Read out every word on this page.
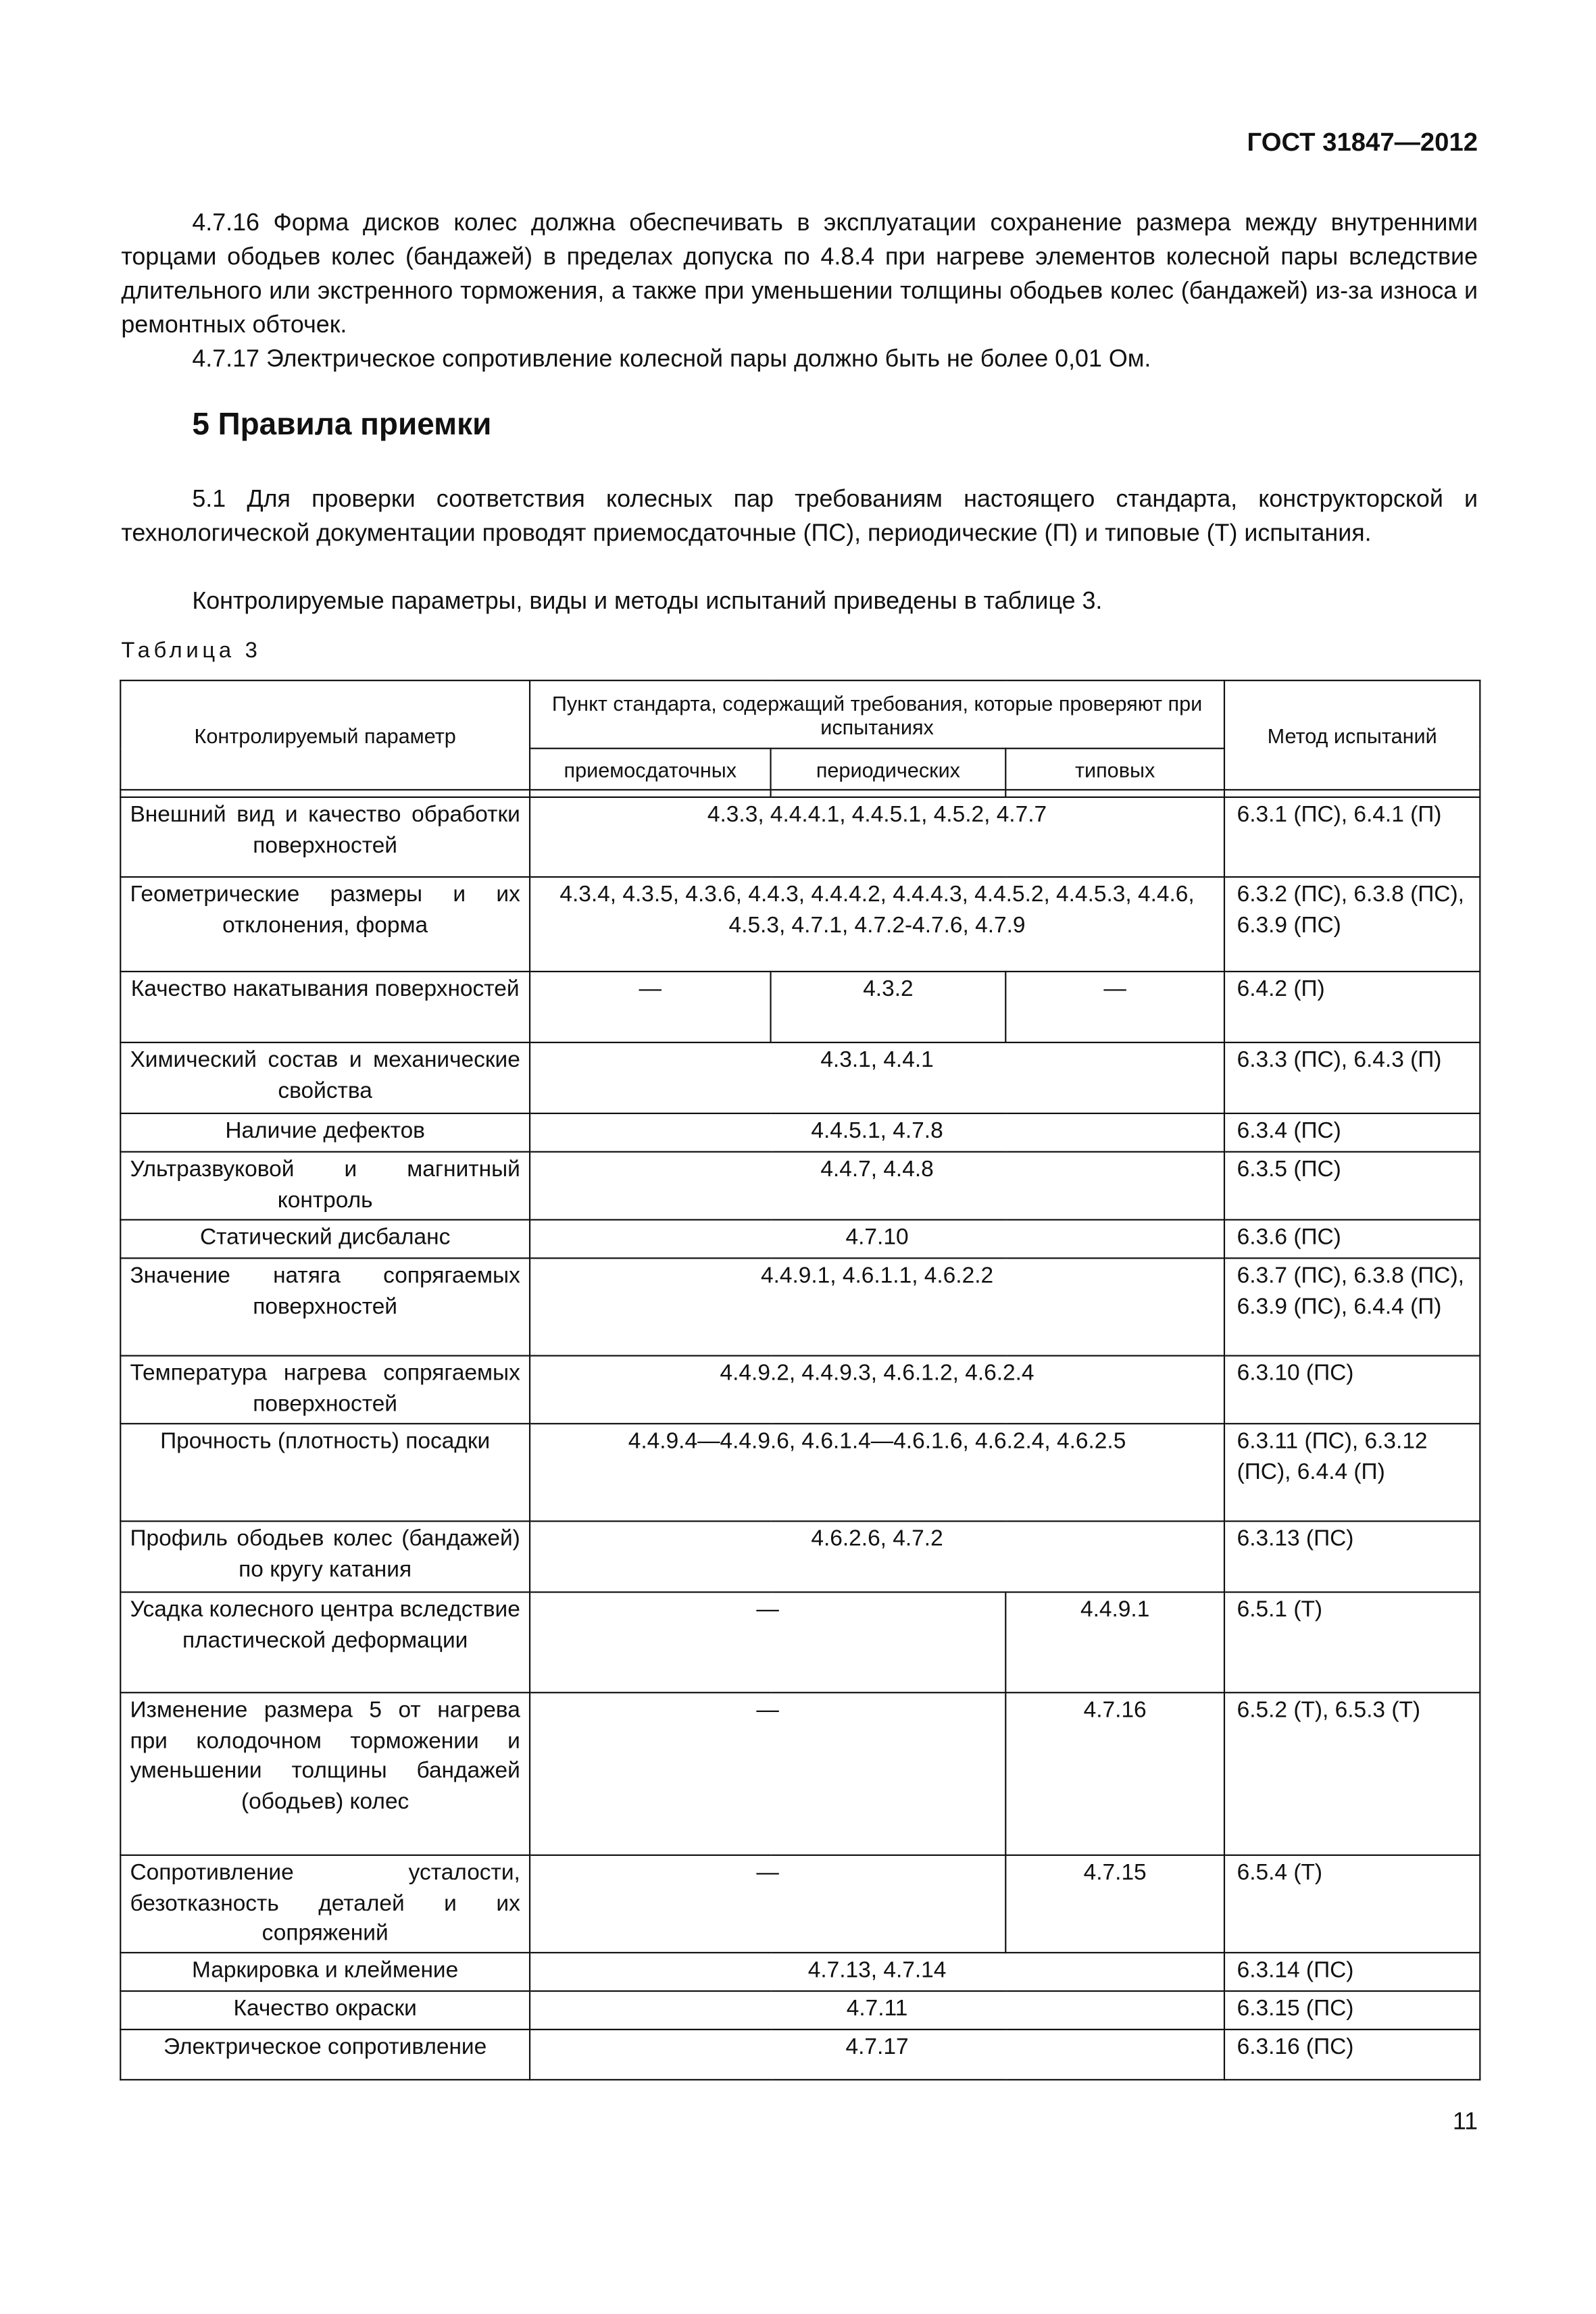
ГОСТ 31847—2012
4.7.16 Форма дисков колес должна обеспечивать в эксплуатации сохранение размера между внутренними торцами ободьев колес (бандажей) в пределах допуска по 4.8.4 при нагреве элементов колесной пары вследствие длительного или экстренного торможения, а также при уменьшении толщины ободьев колес (бандажей) из-за износа и ремонтных обточек.
4.7.17 Электрическое сопротивление колесной пары должно быть не более 0,01 Ом.
5 Правила приемки
5.1 Для проверки соответствия колесных пар требованиям настоящего стандарта, конструкторской и технологической документации проводят приемосдаточные (ПС), периодические (П) и типовые (Т) испытания.
Контролируемые параметры, виды и методы испытаний приведены в таблице 3.
Таблица 3
Контролируемый параметр	Пункт стандарта, содержащий требования, которые проверяют при испытаниях			Метод испытаний
	приемосдаточных	периодических	типовых	

Внешний вид и качество обработки поверхностей	4.3.3, 4.4.4.1, 4.4.5.1, 4.5.2, 4.7.7			6.3.1 (ПС), 6.4.1 (П)
Геометрические размеры и их отклонения, форма	4.3.4, 4.3.5, 4.3.6, 4.4.3, 4.4.4.2, 4.4.4.3, 4.4.5.2, 4.4.5.3, 4.4.6, 4.5.3, 4.7.1, 4.7.2-4.7.6, 4.7.9			6.3.2 (ПС), 6.3.8 (ПС), 6.3.9 (ПС)
Качество накатывания поверхностей	—	4.3.2	—	6.4.2 (П)
Химический состав и механические свойства	4.3.1, 4.4.1			6.3.3 (ПС), 6.4.3 (П)
Наличие дефектов	4.4.5.1, 4.7.8			6.3.4 (ПС)
Ультразвуковой и магнитный контроль	4.4.7, 4.4.8			6.3.5 (ПС)
Статический дисбаланс	4.7.10			6.3.6 (ПС)
Значение натяга сопрягаемых поверхностей	4.4.9.1, 4.6.1.1, 4.6.2.2			6.3.7 (ПС), 6.3.8 (ПС), 6.3.9 (ПС), 6.4.4 (П)
Температура нагрева сопрягаемых поверхностей	4.4.9.2, 4.4.9.3, 4.6.1.2, 4.6.2.4			6.3.10 (ПС)
Прочность (плотность) посадки	4.4.9.4—4.4.9.6, 4.6.1.4—4.6.1.6, 4.6.2.4, 4.6.2.5			6.3.11 (ПС), 6.3.12 (ПС), 6.4.4 (П)
Профиль ободьев колес (бандажей) по кругу катания	4.6.2.6, 4.7.2			6.3.13 (ПС)
Усадка колесного центра вследствие пластической деформации	—		4.4.9.1	6.5.1 (Т)
Изменение размера 5 от нагрева при колодочном торможении и уменьшении толщины бандажей (ободьев) колес	—		4.7.16	6.5.2 (Т), 6.5.3 (Т)
Сопротивление усталости, безотказность деталей и их сопряжений	—		4.7.15	6.5.4 (Т)
Маркировка и клеймение	4.7.13, 4.7.14			6.3.14 (ПС)
Качество окраски	4.7.11			6.3.15 (ПС)
Электрическое сопротивление	4.7.17			6.3.16 (ПС)
11
